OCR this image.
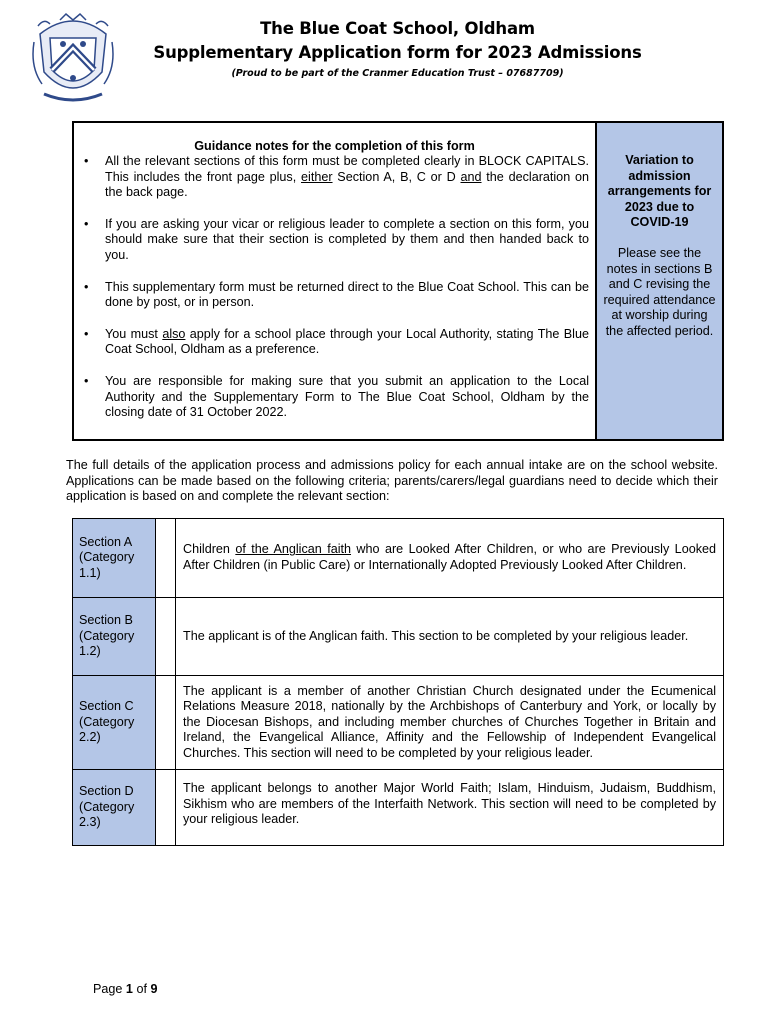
The Blue Coat School, Oldham
Supplementary Application form for 2023 Admissions
(Proud to be part of the Cranmer Education Trust – 07687709)
Guidance notes for the completion of this form
• All the relevant sections of this form must be completed clearly in BLOCK CAPITALS. This includes the front page plus, either Section A, B, C or D and the declaration on the back page.
• If you are asking your vicar or religious leader to complete a section on this form, you should make sure that their section is completed by them and then handed back to you.
• This supplementary form must be returned direct to the Blue Coat School. This can be done by post, or in person.
• You must also apply for a school place through your Local Authority, stating The Blue Coat School, Oldham as a preference.
• You are responsible for making sure that you submit an application to the Local Authority and the Supplementary Form to The Blue Coat School, Oldham by the closing date of 31 October 2022.
Variation to admission arrangements for 2023 due to COVID-19
Please see the notes in sections B and C revising the required attendance at worship during the affected period.
The full details of the application process and admissions policy for each annual intake are on the school website. Applications can be made based on the following criteria; parents/carers/legal guardians need to decide which their application is based on and complete the relevant section:
Section A (Category 1.1)		Children of the Anglican faith who are Looked After Children, or who are Previously Looked After Children (in Public Care) or Internationally Adopted Previously Looked After Children.
Section B (Category 1.2)		The applicant is of the Anglican faith. This section to be completed by your religious leader.
Section C (Category 2.2)		The applicant is a member of another Christian Church designated under the Ecumenical Relations Measure 2018, nationally by the Archbishops of Canterbury and York, or locally by the Diocesan Bishops, and including member churches of Churches Together in Britain and Ireland, the Evangelical Alliance, Affinity and the Fellowship of Independent Evangelical Churches. This section will need to be completed by your religious leader.
Section D (Category 2.3)		The applicant belongs to another Major World Faith; Islam, Hinduism, Judaism, Buddhism, Sikhism who are members of the Interfaith Network. This section will need to be completed by your religious leader.
Page 1 of 9
